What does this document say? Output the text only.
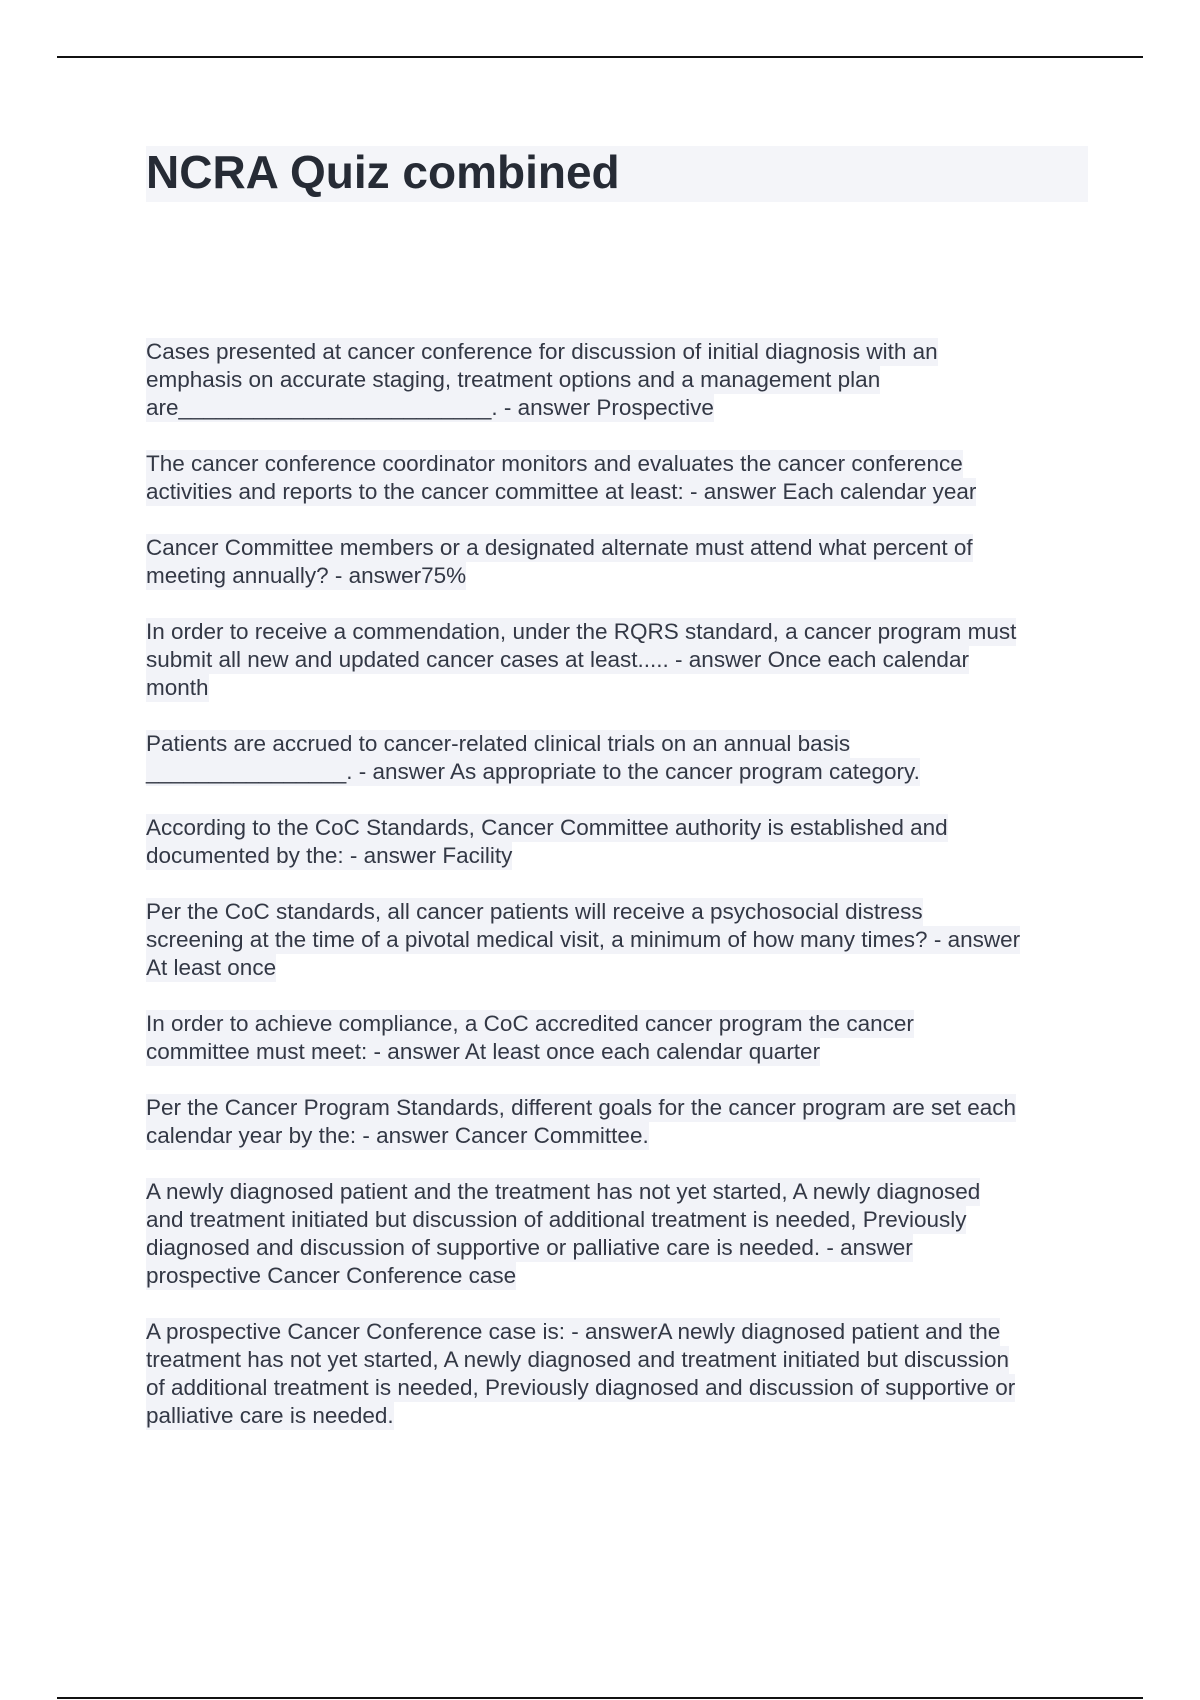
NCRA Quiz combined

Cases presented at cancer conference for discussion of initial diagnosis with an
emphasis on accurate staging, treatment options and a management plan
are_________________________. - answer Prospective

The cancer conference coordinator monitors and evaluates the cancer conference
activities and reports to the cancer committee at least: - answer Each calendar year

Cancer Committee members or a designated alternate must attend what percent of
meeting annually? - answer75%

In order to receive a commendation, under the RQRS standard, a cancer program must
submit all new and updated cancer cases at least..... - answer Once each calendar
month

Patients are accrued to cancer-related clinical trials on an annual basis
________________. - answer As appropriate to the cancer program category.

According to the CoC Standards, Cancer Committee authority is established and
documented by the: - answer Facility

Per the CoC standards, all cancer patients will receive a psychosocial distress
screening at the time of a pivotal medical visit, a minimum of how many times? - answer
At least once

In order to achieve compliance, a CoC accredited cancer program the cancer
committee must meet: - answer At least once each calendar quarter

Per the Cancer Program Standards, different goals for the cancer program are set each
calendar year by the: - answer Cancer Committee.

A newly diagnosed patient and the treatment has not yet started, A newly diagnosed
and treatment initiated but discussion of additional treatment is needed, Previously
diagnosed and discussion of supportive or palliative care is needed. - answer
prospective Cancer Conference case

A prospective Cancer Conference case is: - answerA newly diagnosed patient and the
treatment has not yet started, A newly diagnosed and treatment initiated but discussion
of additional treatment is needed, Previously diagnosed and discussion of supportive or
palliative care is needed.
